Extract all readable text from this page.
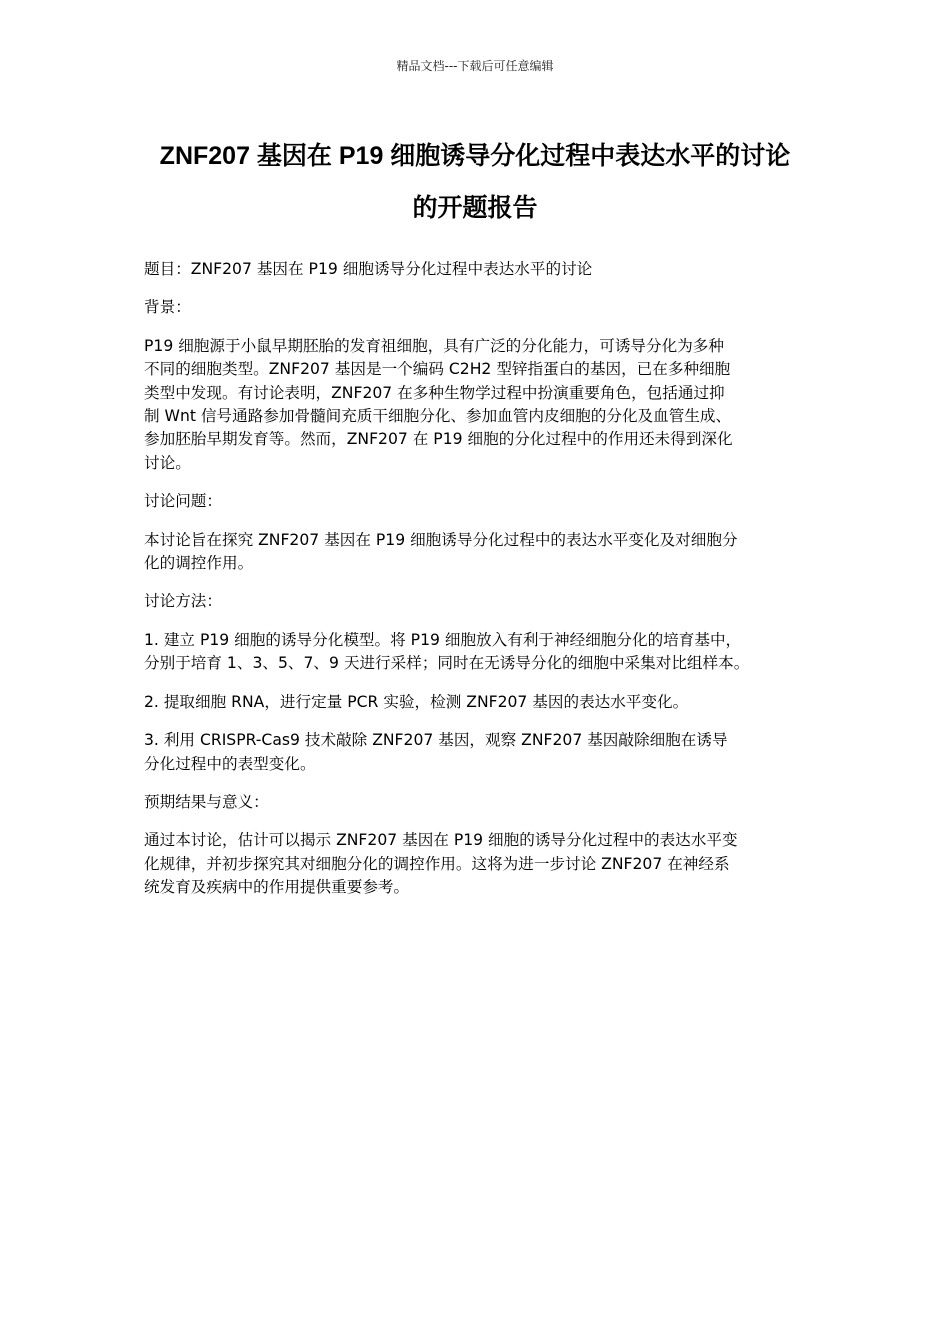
精品文档---下载后可任意编辑
ZNF207 基因在 P19 细胞诱导分化过程中表达水平的讨论
的开题报告

题目：ZNF207 基因在 P19 细胞诱导分化过程中表达水平的讨论

背景：

P19 细胞源于小鼠早期胚胎的发育祖细胞，具有广泛的分化能力，可诱导分化为多种
不同的细胞类型。ZNF207 基因是一个编码 C2H2 型锌指蛋白的基因，已在多种细胞
类型中发现。有讨论表明，ZNF207 在多种生物学过程中扮演重要角色，包括通过抑
制 Wnt 信号通路参加骨髓间充质干细胞分化、参加血管内皮细胞的分化及血管生成、
参加胚胎早期发育等。然而，ZNF207 在 P19 细胞的分化过程中的作用还未得到深化
讨论。

讨论问题：

本讨论旨在探究 ZNF207 基因在 P19 细胞诱导分化过程中的表达水平变化及对细胞分
化的调控作用。

讨论方法：

1. 建立 P19 细胞的诱导分化模型。将 P19 细胞放入有利于神经细胞分化的培育基中，
分别于培育 1、3、5、7、9 天进行采样；同时在无诱导分化的细胞中采集对比组样本。

2. 提取细胞 RNA，进行定量 PCR 实验，检测 ZNF207 基因的表达水平变化。

3. 利用 CRISPR-Cas9 技术敲除 ZNF207 基因，观察 ZNF207 基因敲除细胞在诱导
分化过程中的表型变化。

预期结果与意义：

通过本讨论，估计可以揭示 ZNF207 基因在 P19 细胞的诱导分化过程中的表达水平变
化规律，并初步探究其对细胞分化的调控作用。这将为进一步讨论 ZNF207 在神经系
统发育及疾病中的作用提供重要参考。
